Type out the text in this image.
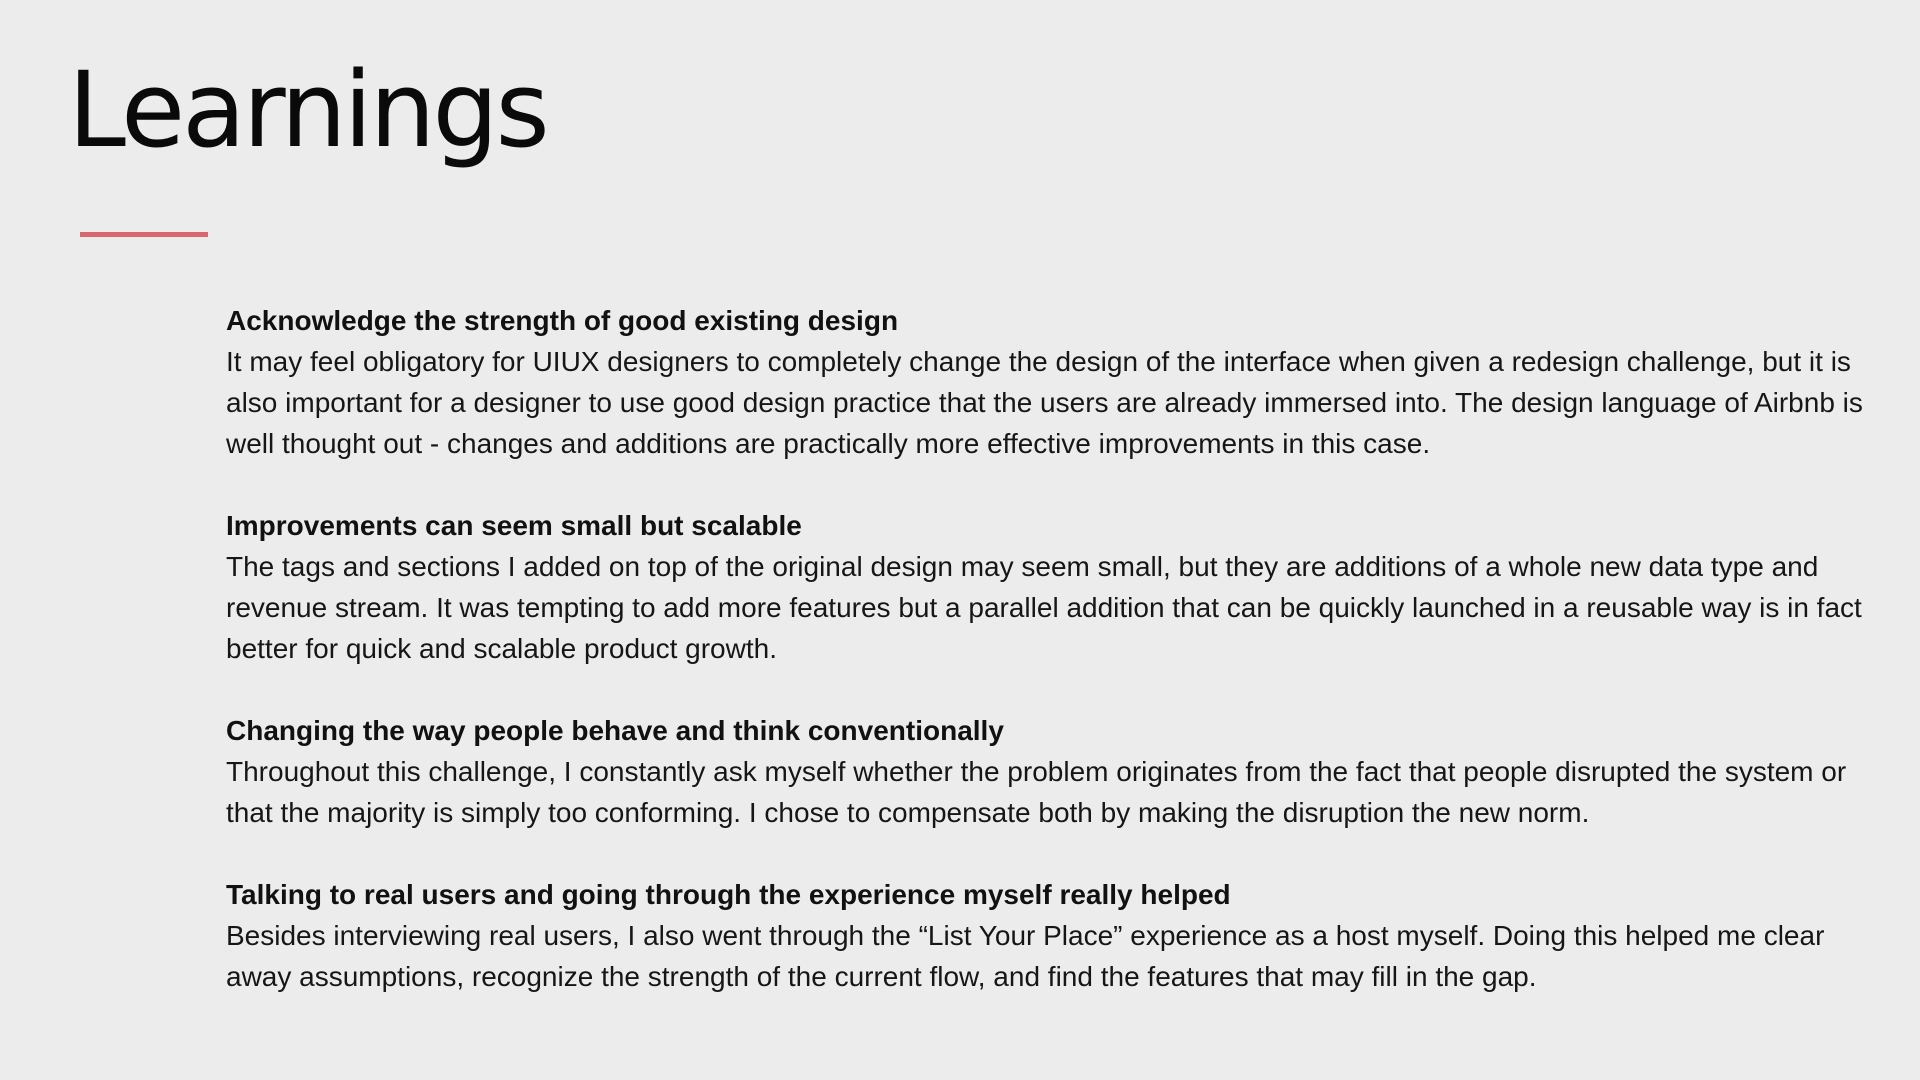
Learnings
Acknowledge the strength of good existing design

It may feel obligatory for UIUX designers to completely change the design of the interface when given a redesign challenge, but it is also important for a designer to use good design practice that the users are already immersed into. The design language of Airbnb is well thought out - changes and additions are practically more effective improvements in this case.

Improvements can seem small but scalable

The tags and sections I added on top of the original design may seem small, but they are additions of a whole new data type and revenue stream. It was tempting to add more features but a parallel addition that can be quickly launched in a reusable way is in fact better for quick and scalable product growth.

Changing the way people behave and think conventionally

Throughout this challenge, I constantly ask myself whether the problem originates from the fact that people disrupted the system or that the majority is simply too conforming. I chose to compensate both by making the disruption the new norm.

Talking to real users and going through the experience myself really helped

Besides interviewing real users, I also went through the “List Your Place” experience as a host myself. Doing this helped me clear away assumptions, recognize the strength of the current flow, and find the features that may fill in the gap.
